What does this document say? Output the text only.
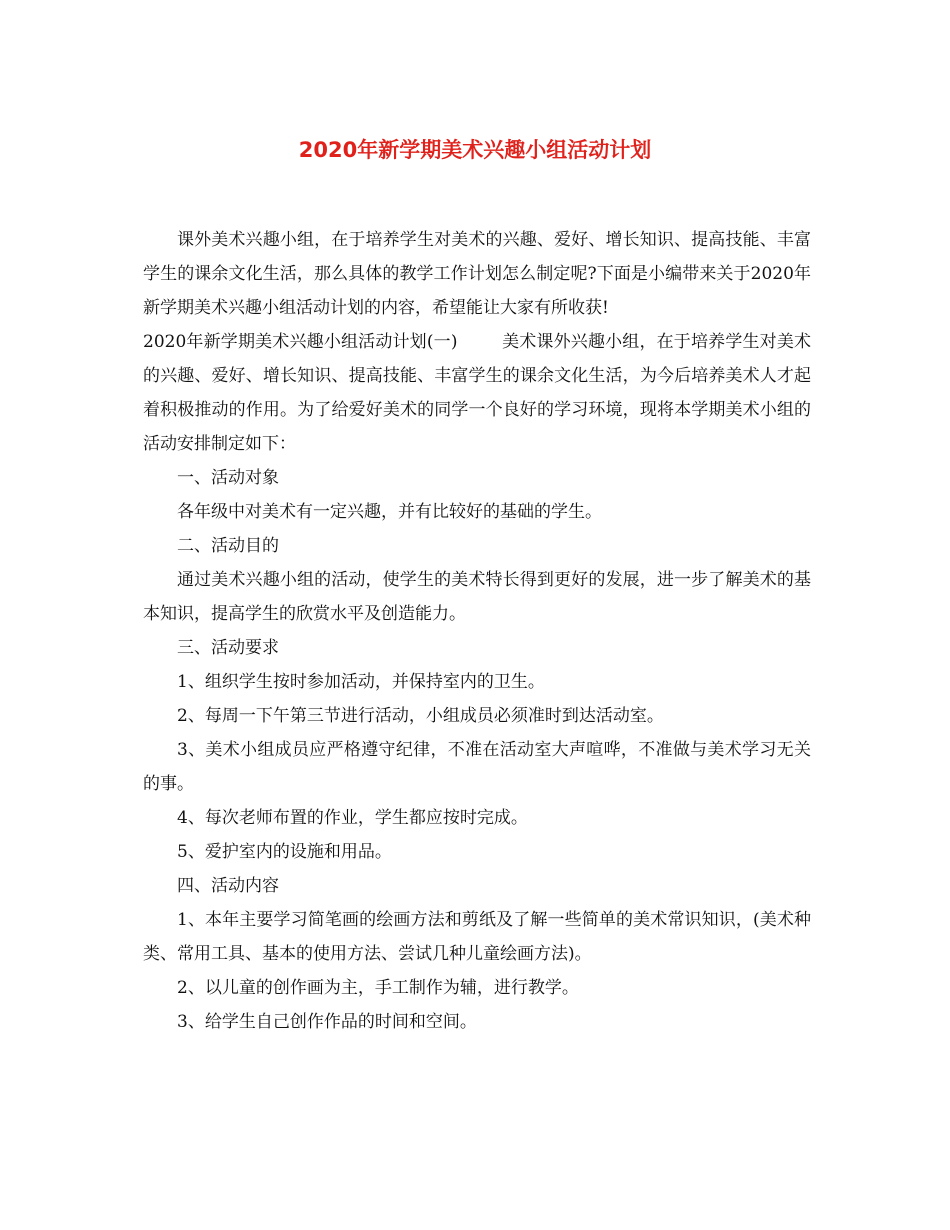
2020年新学期美术兴趣小组活动计划

课外美术兴趣小组，在于培养学生对美术的兴趣、爱好、增长知识、提高技能、丰富学生的课余文化生活，那么具体的教学工作计划怎么制定呢?下面是小编带来关于2020年新学期美术兴趣小组活动计划的内容，希望能让大家有所收获!
2020年新学期美术兴趣小组活动计划(一)	美术课外兴趣小组，在于培养学生对美术的兴趣、爱好、增长知识、提高技能、丰富学生的课余文化生活，为今后培养美术人才起着积极推动的作用。为了给爱好美术的同学一个良好的学习环境，现将本学期美术小组的活动安排制定如下：

一、活动对象

各年级中对美术有一定兴趣，并有比较好的基础的学生。

二、活动目的

通过美术兴趣小组的活动，使学生的美术特长得到更好的发展，进一步了解美术的基本知识，提高学生的欣赏水平及创造能力。

三、活动要求

1、组织学生按时参加活动，并保持室内的卫生。

2、每周一下午第三节进行活动，小组成员必须准时到达活动室。

3、美术小组成员应严格遵守纪律，不准在活动室大声喧哗，不准做与美术学习无关的事。

4、每次老师布置的作业，学生都应按时完成。

5、爱护室内的设施和用品。

四、活动内容

1、本年主要学习简笔画的绘画方法和剪纸及了解一些简单的美术常识知识，(美术种类、常用工具、基本的使用方法、尝试几种儿童绘画方法)。

2、以儿童的创作画为主，手工制作为辅，进行教学。

3、给学生自己创作作品的时间和空间。
